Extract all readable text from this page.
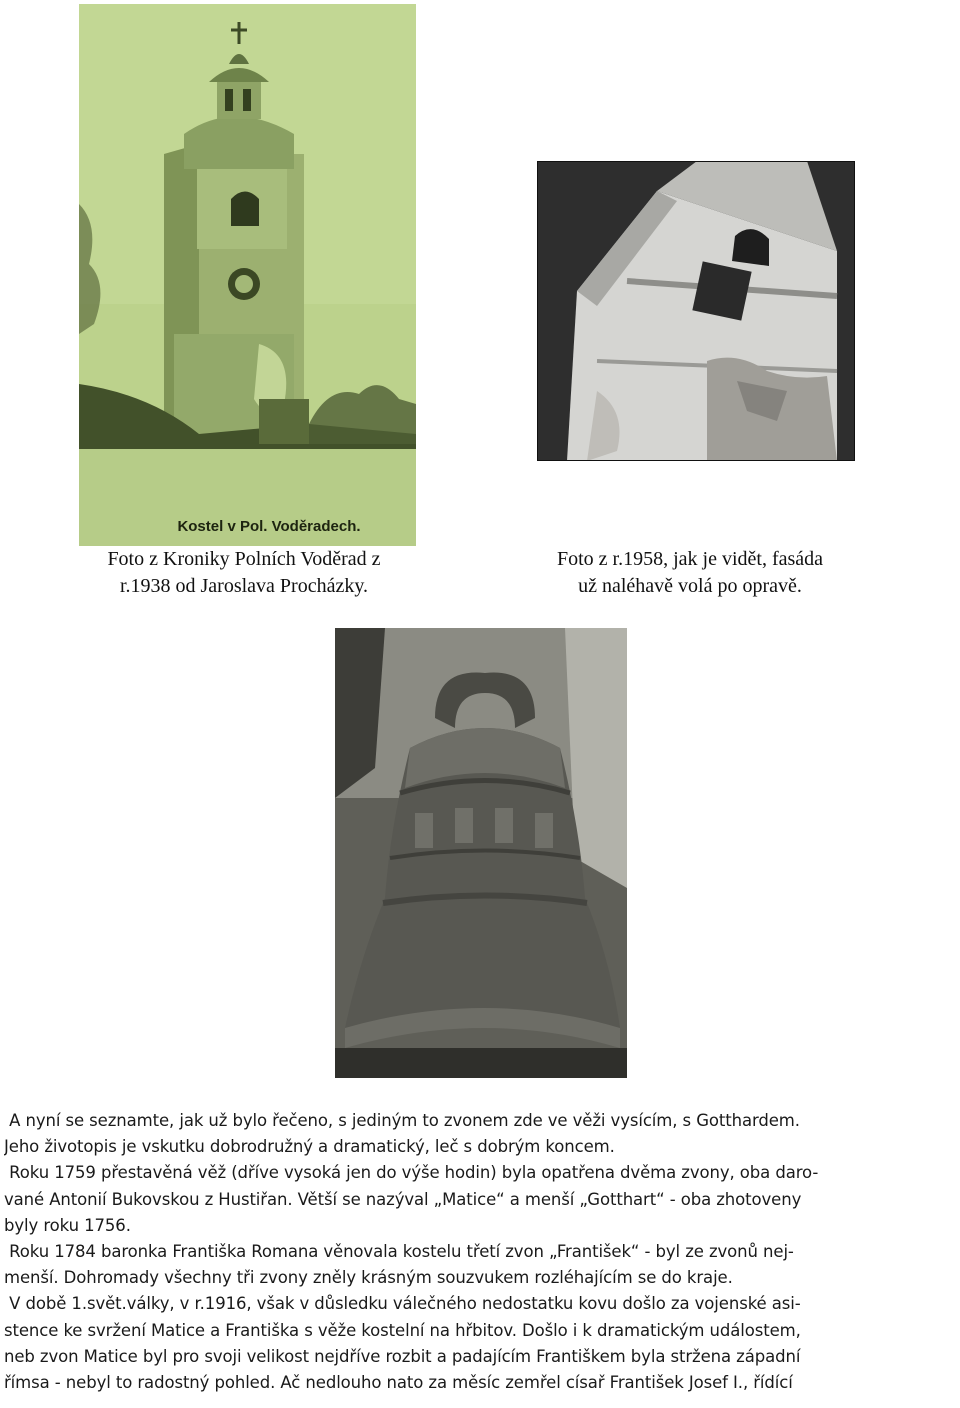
Kostel v Pol. Voděradech.
Foto z Kroniky Polních Voděrad z
r.1938 od Jaroslava Procházky.
Foto z r.1958, jak je vidět, fasáda
už naléhavě volá po opravě.
A nyní se seznamte, jak už bylo řečeno, s jediným to zvonem zde ve věži vysícím, s Gotthardem.
Jeho životopis je vskutku dobrodružný a dramatický, leč s dobrým koncem.
Roku 1759 přestavěná věž (dříve vysoká jen do výše hodin) byla opatřena dvěma zvony, oba daro-
vané Antonií Bukovskou z Hustiřan. Větší se nazýval „Matice“ a menší „Gotthart“ - oba zhotoveny
byly roku 1756.
Roku 1784 baronka Františka Romana věnovala kostelu třetí zvon „František“ - byl ze zvonů nej-
menší. Dohromady všechny tři zvony zněly krásným souzvukem rozléhajícím se do kraje.
V době 1.svět.války, v r.1916, však v důsledku válečného nedostatku kovu došlo za vojenské asi-
stence ke svržení Matice a Františka s věže kostelní na hřbitov. Došlo i k dramatickým událostem,
neb zvon Matice byl pro svoji velikost nejdříve rozbit a padajícím Františkem byla stržena západní
římsa - nebyl to radostný pohled. Ač nedlouho nato za měsíc zemřel císař František Josef I., řídící
